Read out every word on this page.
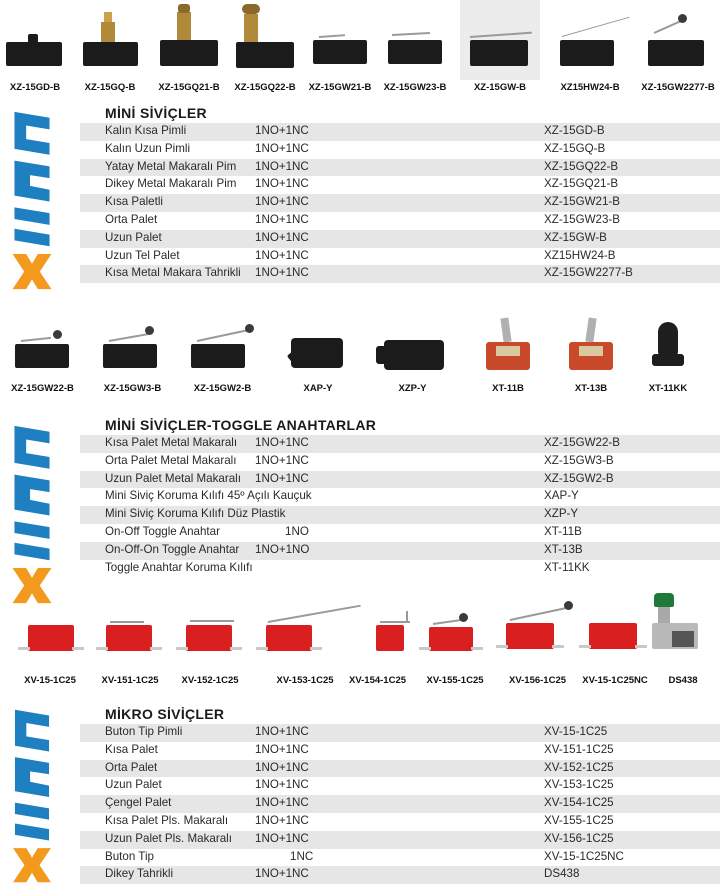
XZ-15GD-B	XZ-15GQ-B XZ-15GQ21-B XZ-15GQ22-B XZ-15GW21-B XZ-15GW23-B	XZ-15GW-B	XZ15HW24-B XZ-15GW2277-B
MİNİ SİVİÇLER
Kalın Kısa Pimli	1NO+1NC	XZ-15GD-B
Kalın Uzun Pimli	1NO+1NC	XZ-15GQ-B
Yatay Metal Makaralı Pim 1NO+1NC	XZ-15GQ22-B
Dikey Metal Makaralı Pim 1NO+1NC	XZ-15GQ21-B
Kısa Paletli	1NO+1NC	XZ-15GW21-B
Orta Palet	1NO+1NC	XZ-15GW23-B
Uzun Palet	1NO+1NC	XZ-15GW-B
Uzun Tel Palet	1NO+1NC	XZ15HW24-B
Kısa Metal Makara Tahrikli 1NO+1NC	XZ-15GW2277-B
XZ-15GW22-B	XZ-15GW3-B	XZ-15GW2-B	XAP-Y	XZP-Y	XT-11B	XT-13B	XT-11KK
MİNİ SİVİÇLER-TOGGLE ANAHTARLAR
Kısa Palet Metal Makaralı 1NO+1NC	XZ-15GW22-B
Orta Palet Metal Makaralı 1NO+1NC	XZ-15GW3-B
Uzun Palet Metal Makaralı 1NO+1NC	XZ-15GW2-B
Mini Siviç Koruma Kılıfı 45º Açılı Kauçuk	XAP-Y
Mini Siviç Koruma Kılıfı Düz Plastik	XZP-Y
On-Off Toggle Anahtar	1NO	XT-11B
On-Off-On Toggle Anahtar 1NO+1NO	XT-13B
Toggle Anahtar Koruma Kılıfı	XT-11KK
XV-15-1C25	XV-151-1C25 XV-152-1C25	XV-153-1C25 XV-154-1C25 XV-155-1C25	XV-156-1C25 XV-15-1C25NC DS438
MİKRO SİVİÇLER
Buton Tip Pimli	1NO+1NC	XV-15-1C25
Kısa Palet	1NO+1NC	XV-151-1C25
Orta Palet	1NO+1NC	XV-152-1C25
Uzun Palet	1NO+1NC	XV-153-1C25
Çengel Palet	1NO+1NC	XV-154-1C25
Kısa Palet Pls. Makaralı 1NO+1NC	XV-155-1C25
Uzun Palet Pls. Makaralı 1NO+1NC	XV-156-1C25
Buton Tip	1NC	XV-15-1C25NC
Dikey Tahrikli	1NO+1NC	DS438
